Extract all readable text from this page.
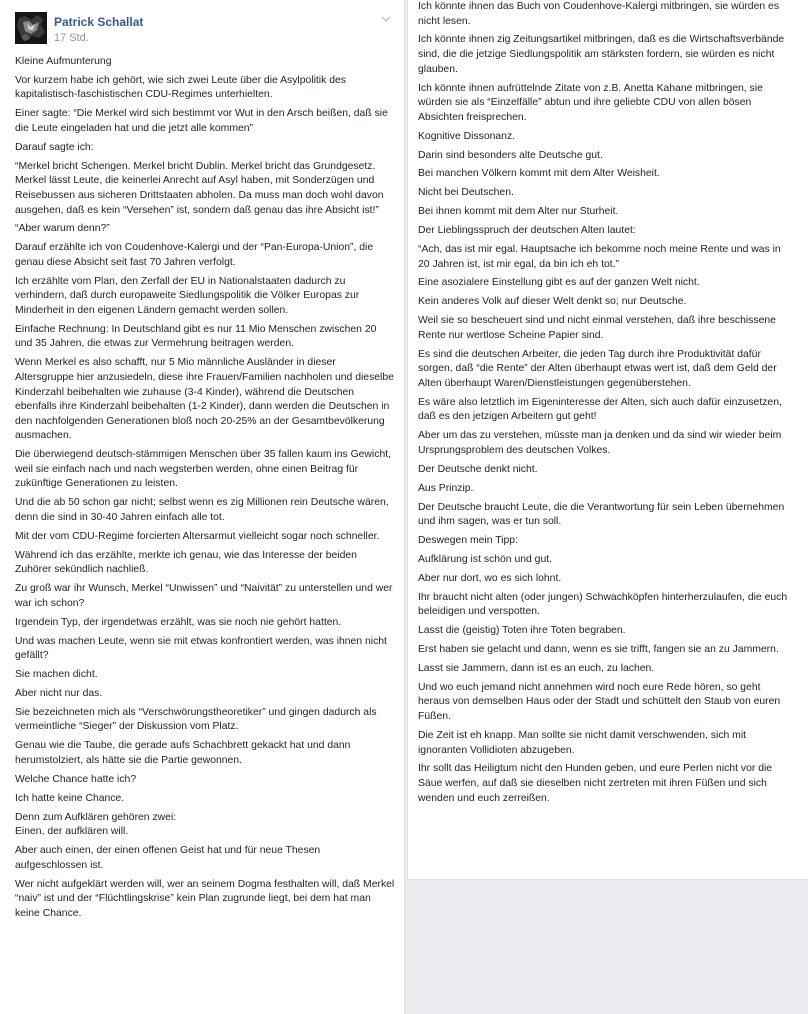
Patrick Schallat
17 Std.

Kleine Aufmunterung

Vor kurzem habe ich gehört, wie sich zwei Leute über die Asylpolitik des kapitalistisch-faschistischen CDU-Regimes unterhielten.

Einer sagte: “Die Merkel wird sich bestimmt vor Wut in den Arsch beißen, daß sie die Leute eingeladen hat und die jetzt alle kommen”

Darauf sagte ich:

“Merkel bricht Schengen. Merkel bricht Dublin. Merkel bricht das Grundgesetz. Merkel lässt Leute, die keinerlei Anrecht auf Asyl haben, mit Sonderzügen und Reisebussen aus sicheren Drittstaaten abholen. Da muss man doch wohl davon ausgehen, daß es kein “Versehen” ist, sondern daß genau das ihre Absicht ist!”

“Aber warum denn?”

Darauf erzählte ich von Coudenhove-Kalergi und der “Pan-Europa-Union”, die genau diese Absicht seit fast 70 Jahren verfolgt.

Ich erzählte vom Plan, den Zerfall der EU in Nationalstaaten dadurch zu verhindern, daß durch europaweite Siedlungspolitik die Völker Europas zur Minderheit in den eigenen Ländern gemacht werden sollen.

Einfache Rechnung: In Deutschland gibt es nur 11 Mio Menschen zwischen 20 und 35 Jahren, die etwas zur Vermehrung beitragen werden.

Wenn Merkel es also schafft, nur 5 Mio männliche Ausländer in dieser Altersgruppe hier anzusiedeln, diese ihre Frauen/Familien nachholen und dieselbe Kinderzahl beibehalten wie zuhause (3-4 Kinder), während die Deutschen ebenfalls ihre Kinderzahl beibehalten (1-2 Kinder), dann werden die Deutschen in den nachfolgenden Generationen bloß noch 20-25% an der Gesamtbevölkerung ausmachen.

Die überwiegend deutsch-stämmigen Menschen über 35 fallen kaum ins Gewicht, weil sie einfach nach und nach wegsterben werden, ohne einen Beitrag für zukünftige Generationen zu leisten.

Und die ab 50 schon gar nicht; selbst wenn es zig Millionen rein Deutsche wären, denn die sind in 30-40 Jahren einfach alle tot.

Mit der vom CDU-Regime forcierten Altersarmut vielleicht sogar noch schneller.

Während ich das erzählte, merkte ich genau, wie das Interesse der beiden Zuhörer sekündlich nachließ.

Zu groß war ihr Wunsch, Merkel “Unwissen” und “Naivität” zu unterstellen und wer war ich schon?

Irgendein Typ, der irgendetwas erzählt, was sie noch nie gehört hatten.

Und was machen Leute, wenn sie mit etwas konfrontiert werden, was ihnen nicht gefällt?

Sie machen dicht.

Aber nicht nur das.

Sie bezeichneten mich als “Verschwörungstheoretiker” und gingen dadurch als vermeintliche “Sieger” der Diskussion vom Platz.

Genau wie die Taube, die gerade aufs Schachbrett gekackt hat und dann herumstolziert, als hätte sie die Partie gewonnen.

Welche Chance hatte ich?

Ich hatte keine Chance.

Denn zum Aufklären gehören zwei:
Einen, der aufklären will.

Aber auch einen, der einen offenen Geist hat und für neue Thesen aufgeschlossen ist.

Wer nicht aufgeklärt werden will, wer an seinem Dogma festhalten will, daß Merkel “naiv” ist und der “Flüchtlingskrise” kein Plan zugrunde liegt, bei dem hat man keine Chance.

Ich könnte ihnen das Buch von Coudenhove-Kalergi mitbringen, sie würden es nicht lesen.

Ich könnte ihnen zig Zeitungsartikel mitbringen, daß es die Wirtschaftsverbände sind, die die jetzige Siedlungspolitik am stärksten fordern, sie würden es nicht glauben.

Ich könnte ihnen aufrüttelnde Zitate von z.B. Anetta Kahane mitbringen, sie würden sie als “Einzelfälle” abtun und ihre geliebte CDU von allen bösen Absichten freisprechen.

Kognitive Dissonanz.

Darin sind besonders alte Deutsche gut.

Bei manchen Völkern kommt mit dem Alter Weisheit.

Nicht bei Deutschen.

Bei ihnen kommt mit dem Alter nur Sturheit.

Der Lieblingsspruch der deutschen Alten lautet:

“Ach, das ist mir egal. Hauptsache ich bekomme noch meine Rente und was in 20 Jahren ist, ist mir egal, da bin ich eh tot.”

Eine asozialere Einstellung gibt es auf der ganzen Welt nicht.

Kein anderes Volk auf dieser Welt denkt so; nur Deutsche.

Weil sie so bescheuert sind und nicht einmal verstehen, daß ihre beschissene Rente nur wertlose Scheine Papier sind.

Es sind die deutschen Arbeiter, die jeden Tag durch ihre Produktivität dafür sorgen, daß “die Rente” der Alten überhaupt etwas wert ist, daß dem Geld der Alten überhaupt Waren/Dienstleistungen gegenüberstehen.

Es wäre also letztlich im Eigeninteresse der Alten, sich auch dafür einzusetzen, daß es den jetzigen Arbeitern gut geht!

Aber um das zu verstehen, müsste man ja denken und da sind wir wieder beim Ursprungsproblem des deutschen Volkes.

Der Deutsche denkt nicht.

Aus Prinzip.

Der Deutsche braucht Leute, die die Verantwortung für sein Leben übernehmen und ihm sagen, was er tun soll.

Deswegen mein Tipp:

Aufklärung ist schön und gut.

Aber nur dort, wo es sich lohnt.

Ihr braucht nicht alten (oder jungen) Schwachköpfen hinterherzulaufen, die euch beleidigen und verspotten.

Lasst die (geistig) Toten ihre Toten begraben.

Erst haben sie gelacht und dann, wenn es sie trifft, fangen sie an zu Jammern.

Lasst sie Jammern, dann ist es an euch, zu lachen.

Und wo euch jemand nicht annehmen wird noch eure Rede hören, so geht heraus von demselben Haus oder der Stadt und schüttelt den Staub von euren Füßen.

Die Zeit ist eh knapp. Man sollte sie nicht damit verschwenden, sich mit ignoranten Vollidioten abzugeben.

Ihr sollt das Heiligtum nicht den Hunden geben, und eure Perlen nicht vor die Säue werfen, auf daß sie dieselben nicht zertreten mit ihren Füßen und sich wenden und euch zerreißen.
